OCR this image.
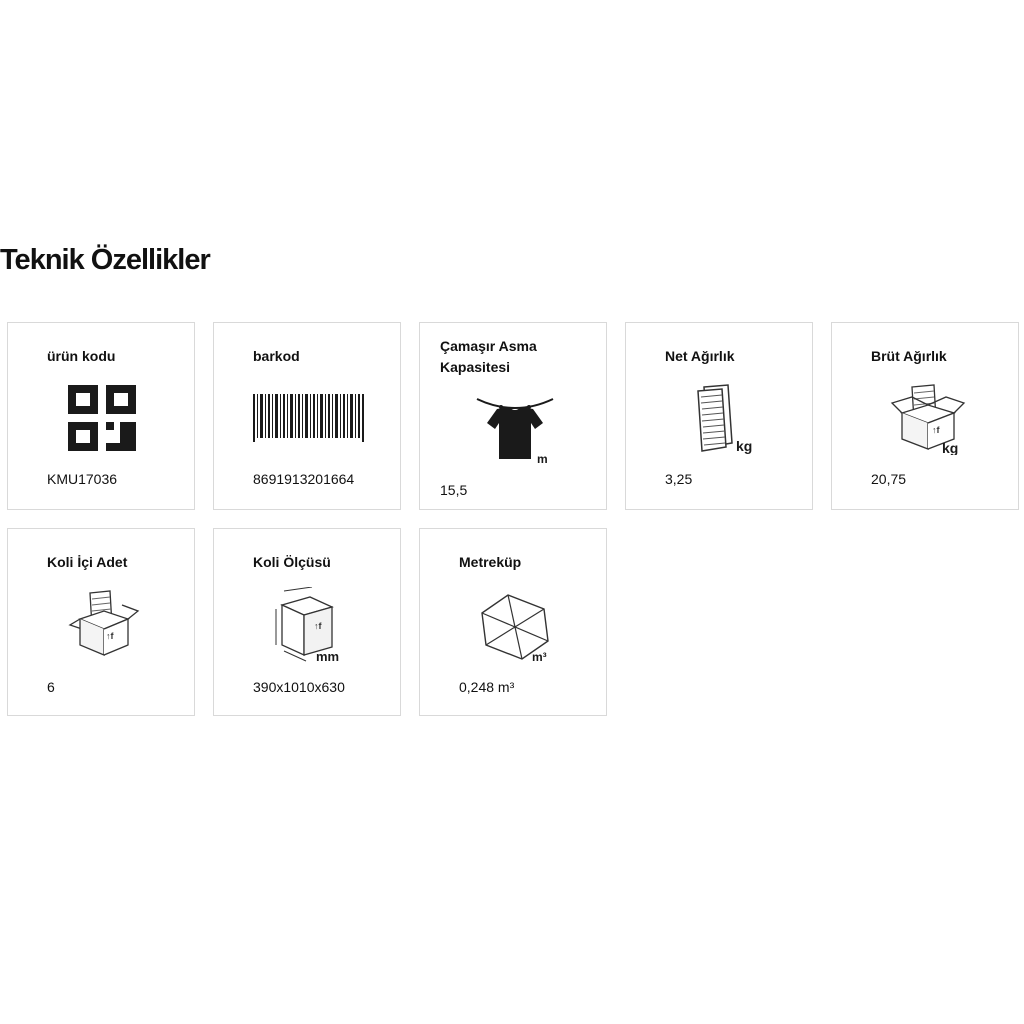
Teknik Özellikler
ürün kodu
KMU17036
barkod
8691913201664
Çamaşır Asma Kapasitesi
m
15,5
Net Ağırlık
kg
3,25
Brüt Ağırlık
↑f
kg
20,75
Koli İçi Adet
↑f
6
Koli Ölçüsü
↑f
mm
390x1010x630
Metreküp
m³
0,248 m³
